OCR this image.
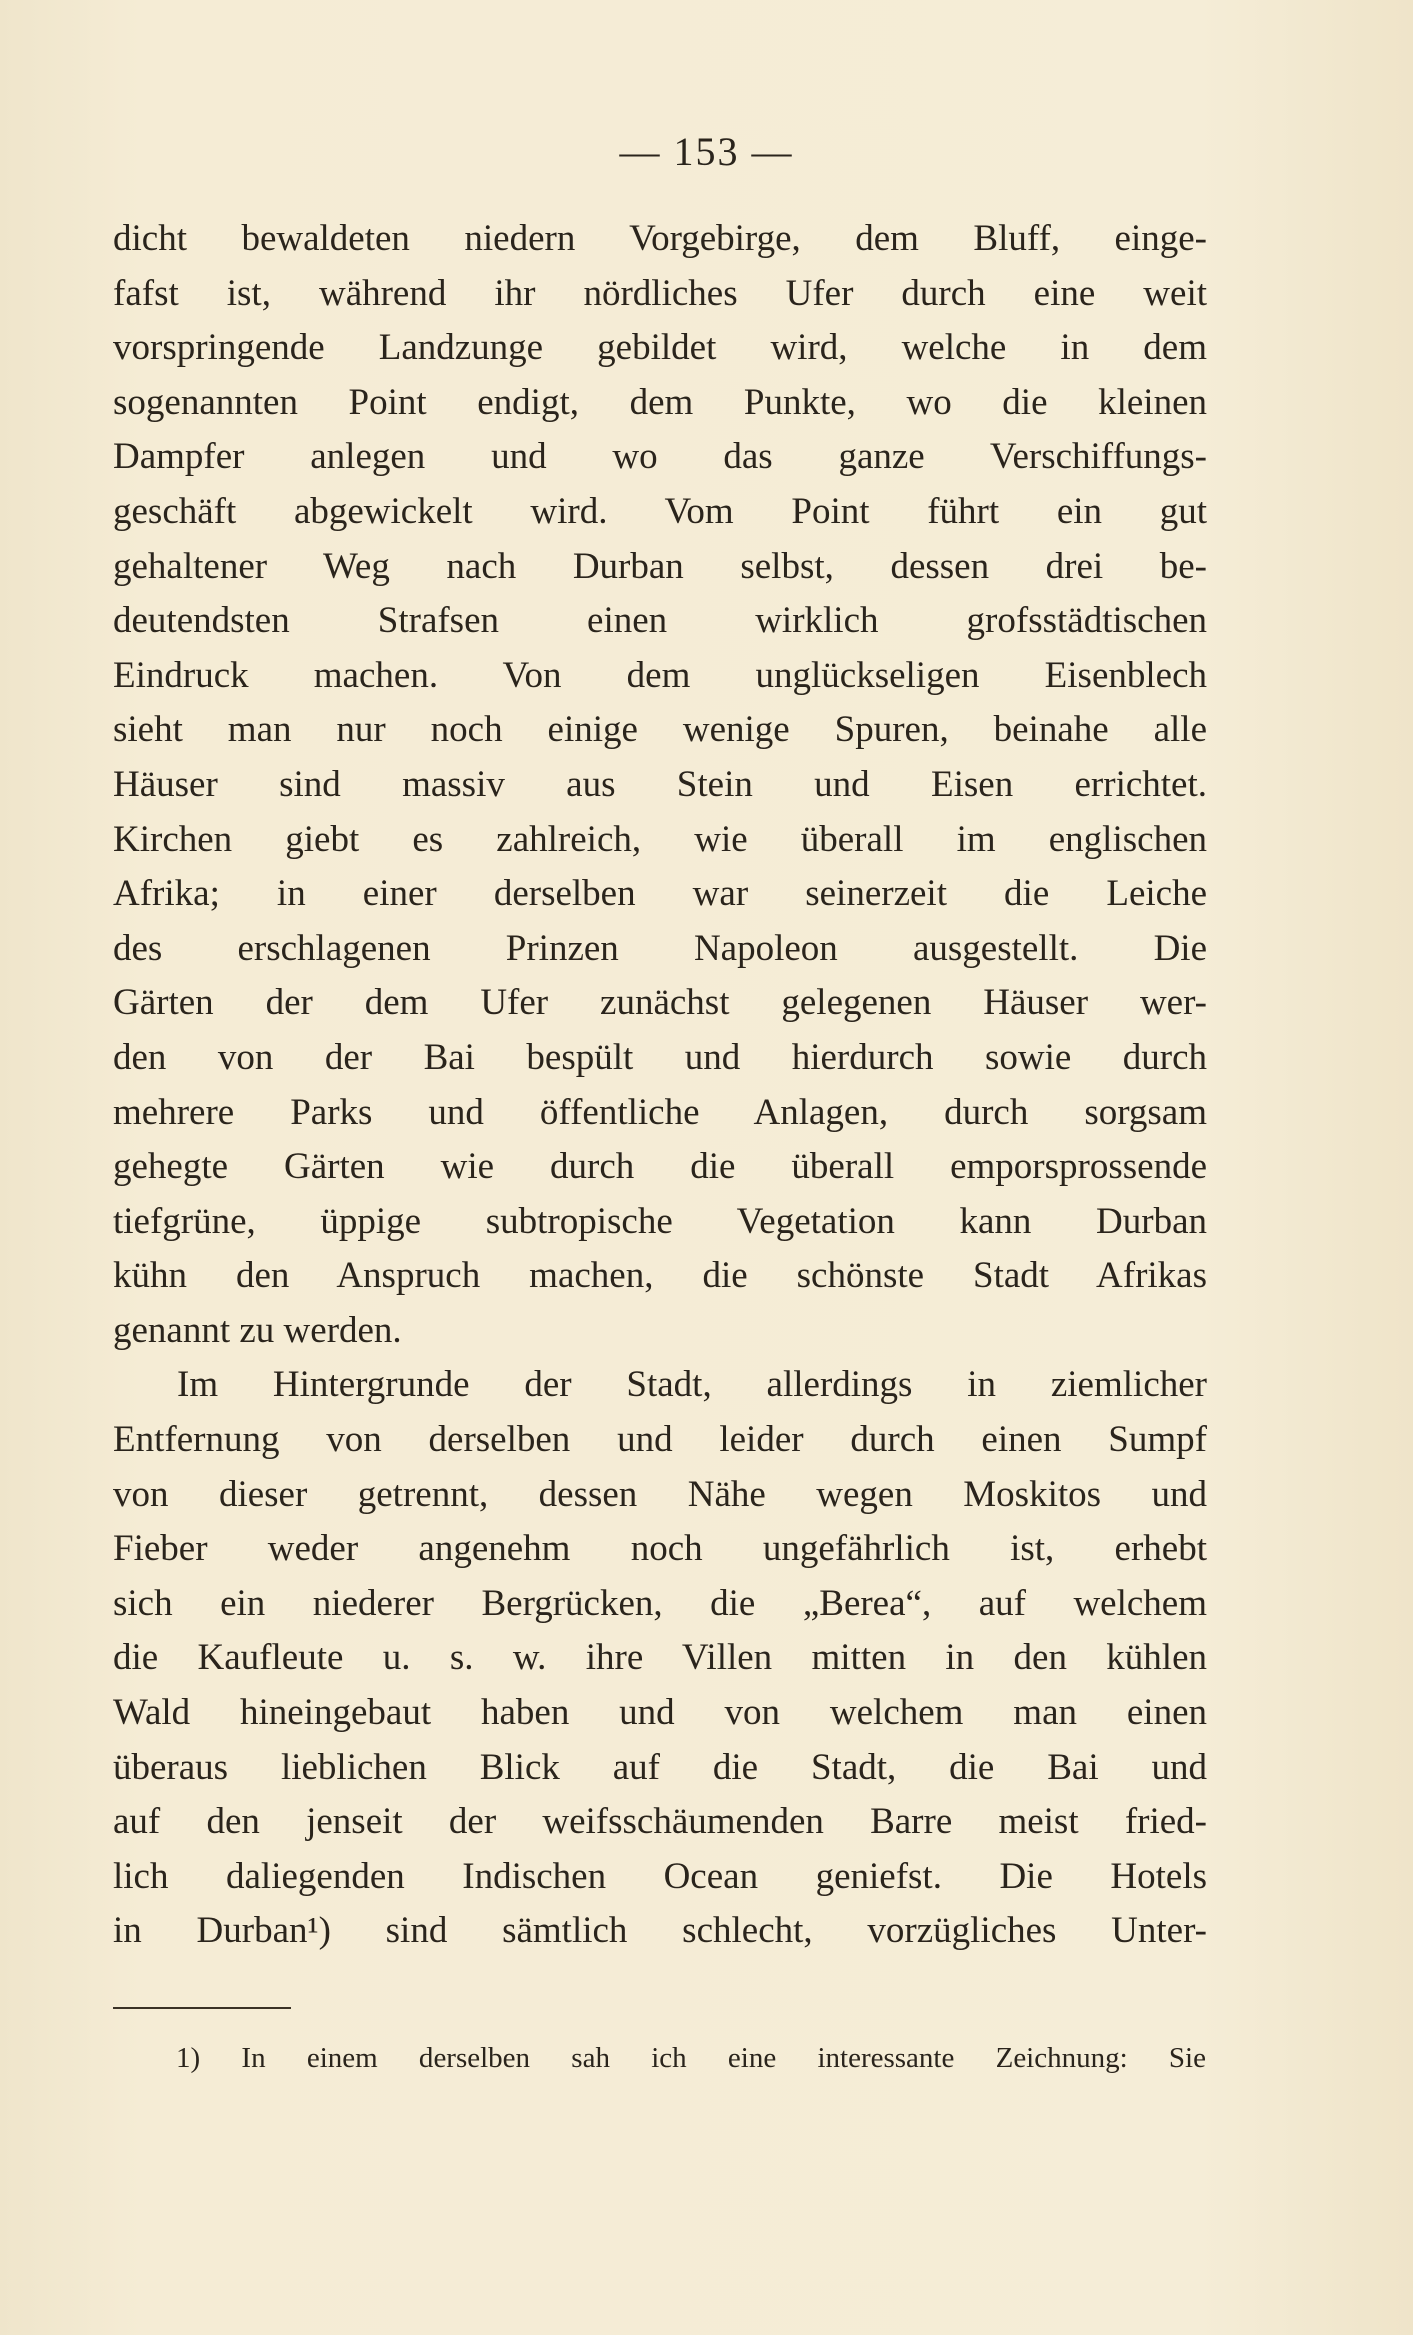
— 153 —
dicht bewaldeten niedern Vorgebirge, dem Bluff, einge-
fafst ist, während ihr nördliches Ufer durch eine weit
vorspringende Landzunge gebildet wird, welche in dem
sogenannten Point endigt, dem Punkte, wo die kleinen
Dampfer anlegen und wo das ganze Verschiffungs-
geschäft abgewickelt wird. Vom Point führt ein gut
gehaltener Weg nach Durban selbst, dessen drei be-
deutendsten Strafsen einen wirklich grofsstädtischen
Eindruck machen. Von dem unglückseligen Eisenblech
sieht man nur noch einige wenige Spuren, beinahe alle
Häuser sind massiv aus Stein und Eisen errichtet.
Kirchen giebt es zahlreich, wie überall im englischen
Afrika; in einer derselben war seinerzeit die Leiche
des erschlagenen Prinzen Napoleon ausgestellt. Die
Gärten der dem Ufer zunächst gelegenen Häuser wer-
den von der Bai bespült und hierdurch sowie durch
mehrere Parks und öffentliche Anlagen, durch sorgsam
gehegte Gärten wie durch die überall emporsprossende
tiefgrüne, üppige subtropische Vegetation kann Durban
kühn den Anspruch machen, die schönste Stadt Afrikas
genannt zu werden.
Im Hintergrunde der Stadt, allerdings in ziemlicher
Entfernung von derselben und leider durch einen Sumpf
von dieser getrennt, dessen Nähe wegen Moskitos und
Fieber weder angenehm noch ungefährlich ist, erhebt
sich ein niederer Bergrücken, die „Berea“, auf welchem
die Kaufleute u. s. w. ihre Villen mitten in den kühlen
Wald hineingebaut haben und von welchem man einen
überaus lieblichen Blick auf die Stadt, die Bai und
auf den jenseit der weifsschäumenden Barre meist fried-
lich daliegenden Indischen Ocean geniefst. Die Hotels
in Durban¹) sind sämtlich schlecht, vorzügliches Unter-
1) In einem derselben sah ich eine interessante Zeichnung: Sie
